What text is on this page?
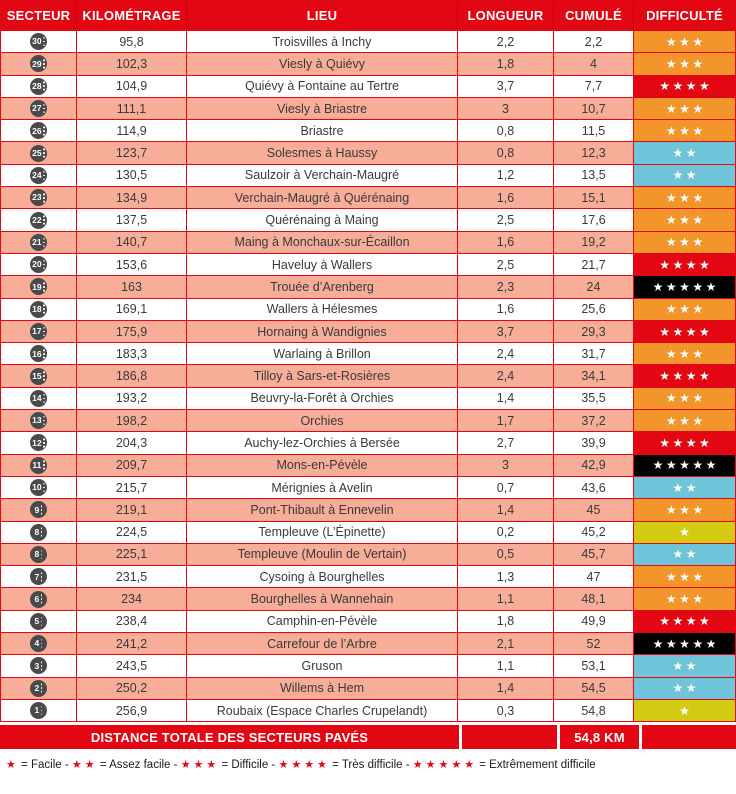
SECTEUR KILOMÉTRAGE	LIEU	LONGUEUR	CUMULÉ	DIFFICULTÉ
30	95,8	Troisvilles à Inchy	2,2	2,2	★★★
29	102,3	Viesly à Quiévy	1,8	4	★★★
28	104,9	Quiévy à Fontaine au Tertre	3,7	7,7	★★★★
27	111,1	Viesly à Briastre	3	10,7	★★★
26	114,9	Briastre	0,8	11,5	★★★
25	123,7	Solesmes à Haussy	0,8	12,3	★★
24	130,5	Saulzoir à Verchain-Maugré	1,2	13,5	★★
23	134,9	Verchain-Maugré à Quérénaing	1,6	15,1	★★★
22	137,5	Quérénaing à Maing	2,5	17,6	★★★
21	140,7	Maing à Monchaux-sur-Écaillon	1,6	19,2	★★★
20	153,6	Haveluy à Wallers	2,5	21,7	★★★★
19	163	Trouée d’Arenberg	2,3	24	★★★★★
18	169,1	Wallers à Hélesmes	1,6	25,6	★★★
17	175,9	Hornaing à Wandignies	3,7	29,3	★★★★
16	183,3	Warlaing à Brillon	2,4	31,7	★★★
15	186,8	Tilloy à Sars-et-Rosières	2,4	34,1	★★★★
14	193,2	Beuvry-la-Forêt à Orchies	1,4	35,5	★★★
13	198,2	Orchies	1,7	37,2	★★★
12	204,3	Auchy-lez-Orchies à Bersée	2,7	39,9	★★★★
11	209,7	Mons-en-Pévèle	3	42,9	★★★★★
10	215,7	Mérignies à Avelin	0,7	43,6	★★
9	219,1	Pont-Thibault à Ennevelin	1,4	45	★★★
8	224,5	Templeuve (L’Épinette)	0,2	45,2	★
8	225,1	Templeuve (Moulin de Vertain)	0,5	45,7	★★
7	231,5	Cysoing à Bourghelles	1,3	47	★★★
6	234	Bourghelles à Wannehain	1,1	48,1	★★★
5	238,4	Camphin-en-Pévèle	1,8	49,9	★★★★
4	241,2	Carrefour de l’Arbre	2,1	52	★★★★★
3	243,5	Gruson	1,1	53,1	★★
2	250,2	Willems à Hem	1,4	54,5	★★
1	256,9	Roubaix (Espace Charles Crupelandt)	0,3	54,8	★
DISTANCE TOTALE DES SECTEURS PAVÉS	54,8 KM
★ = Facile - ★★ = Assez facile - ★★★ = Difficile - ★★★★ = Très difficile - ★★★★★ = Extrêmement difficile
